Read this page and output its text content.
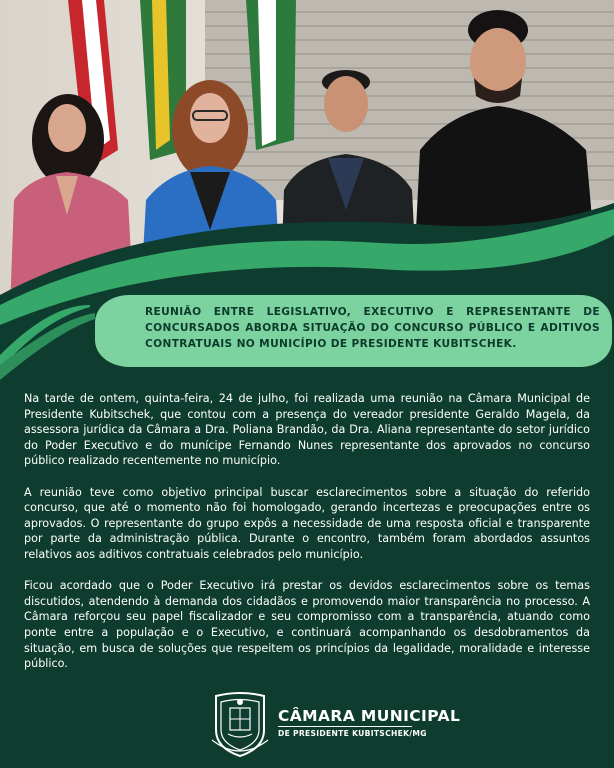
REUNIÃO ENTRE LEGISLATIVO, EXECUTIVO E REPRESENTANTE DE CONCURSADOS ABORDA SITUAÇÃO DO CONCURSO PÚBLICO E ADITIVOS CONTRATUAIS NO MUNICÍPIO DE PRESIDENTE KUBITSCHEK.

Na tarde de ontem, quinta-feira, 24 de julho, foi realizada uma reunião na Câmara Municipal de Presidente Kubitschek, que contou com a presença do vereador presidente Geraldo Magela, da assessora jurídica da Câmara a Dra. Poliana Brandão, da Dra. Aliana representante do setor jurídico do Poder Executivo e do munícipe Fernando Nunes representante dos aprovados no concurso público realizado recentemente no município.

A reunião teve como objetivo principal buscar esclarecimentos sobre a situação do referido concurso, que até o momento não foi homologado, gerando incertezas e preocupações entre os aprovados. O representante do grupo expôs a necessidade de uma resposta oficial e transparente por parte da administração pública. Durante o encontro, também foram abordados assuntos relativos aos aditivos contratuais celebrados pelo município.

Ficou acordado que o Poder Executivo irá prestar os devidos esclarecimentos sobre os temas discutidos, atendendo à demanda dos cidadãos e promovendo maior transparência no processo. A Câmara reforçou seu papel fiscalizador e seu compromisso com a transparência, atuando como ponte entre a população e o Executivo, e continuará acompanhando os desdobramentos da situação, em busca de soluções que respeitem os princípios da legalidade, moralidade e interesse público.

CÂMARA MUNICIPAL
DE PRESIDENTE KUBITSCHEK/MG
